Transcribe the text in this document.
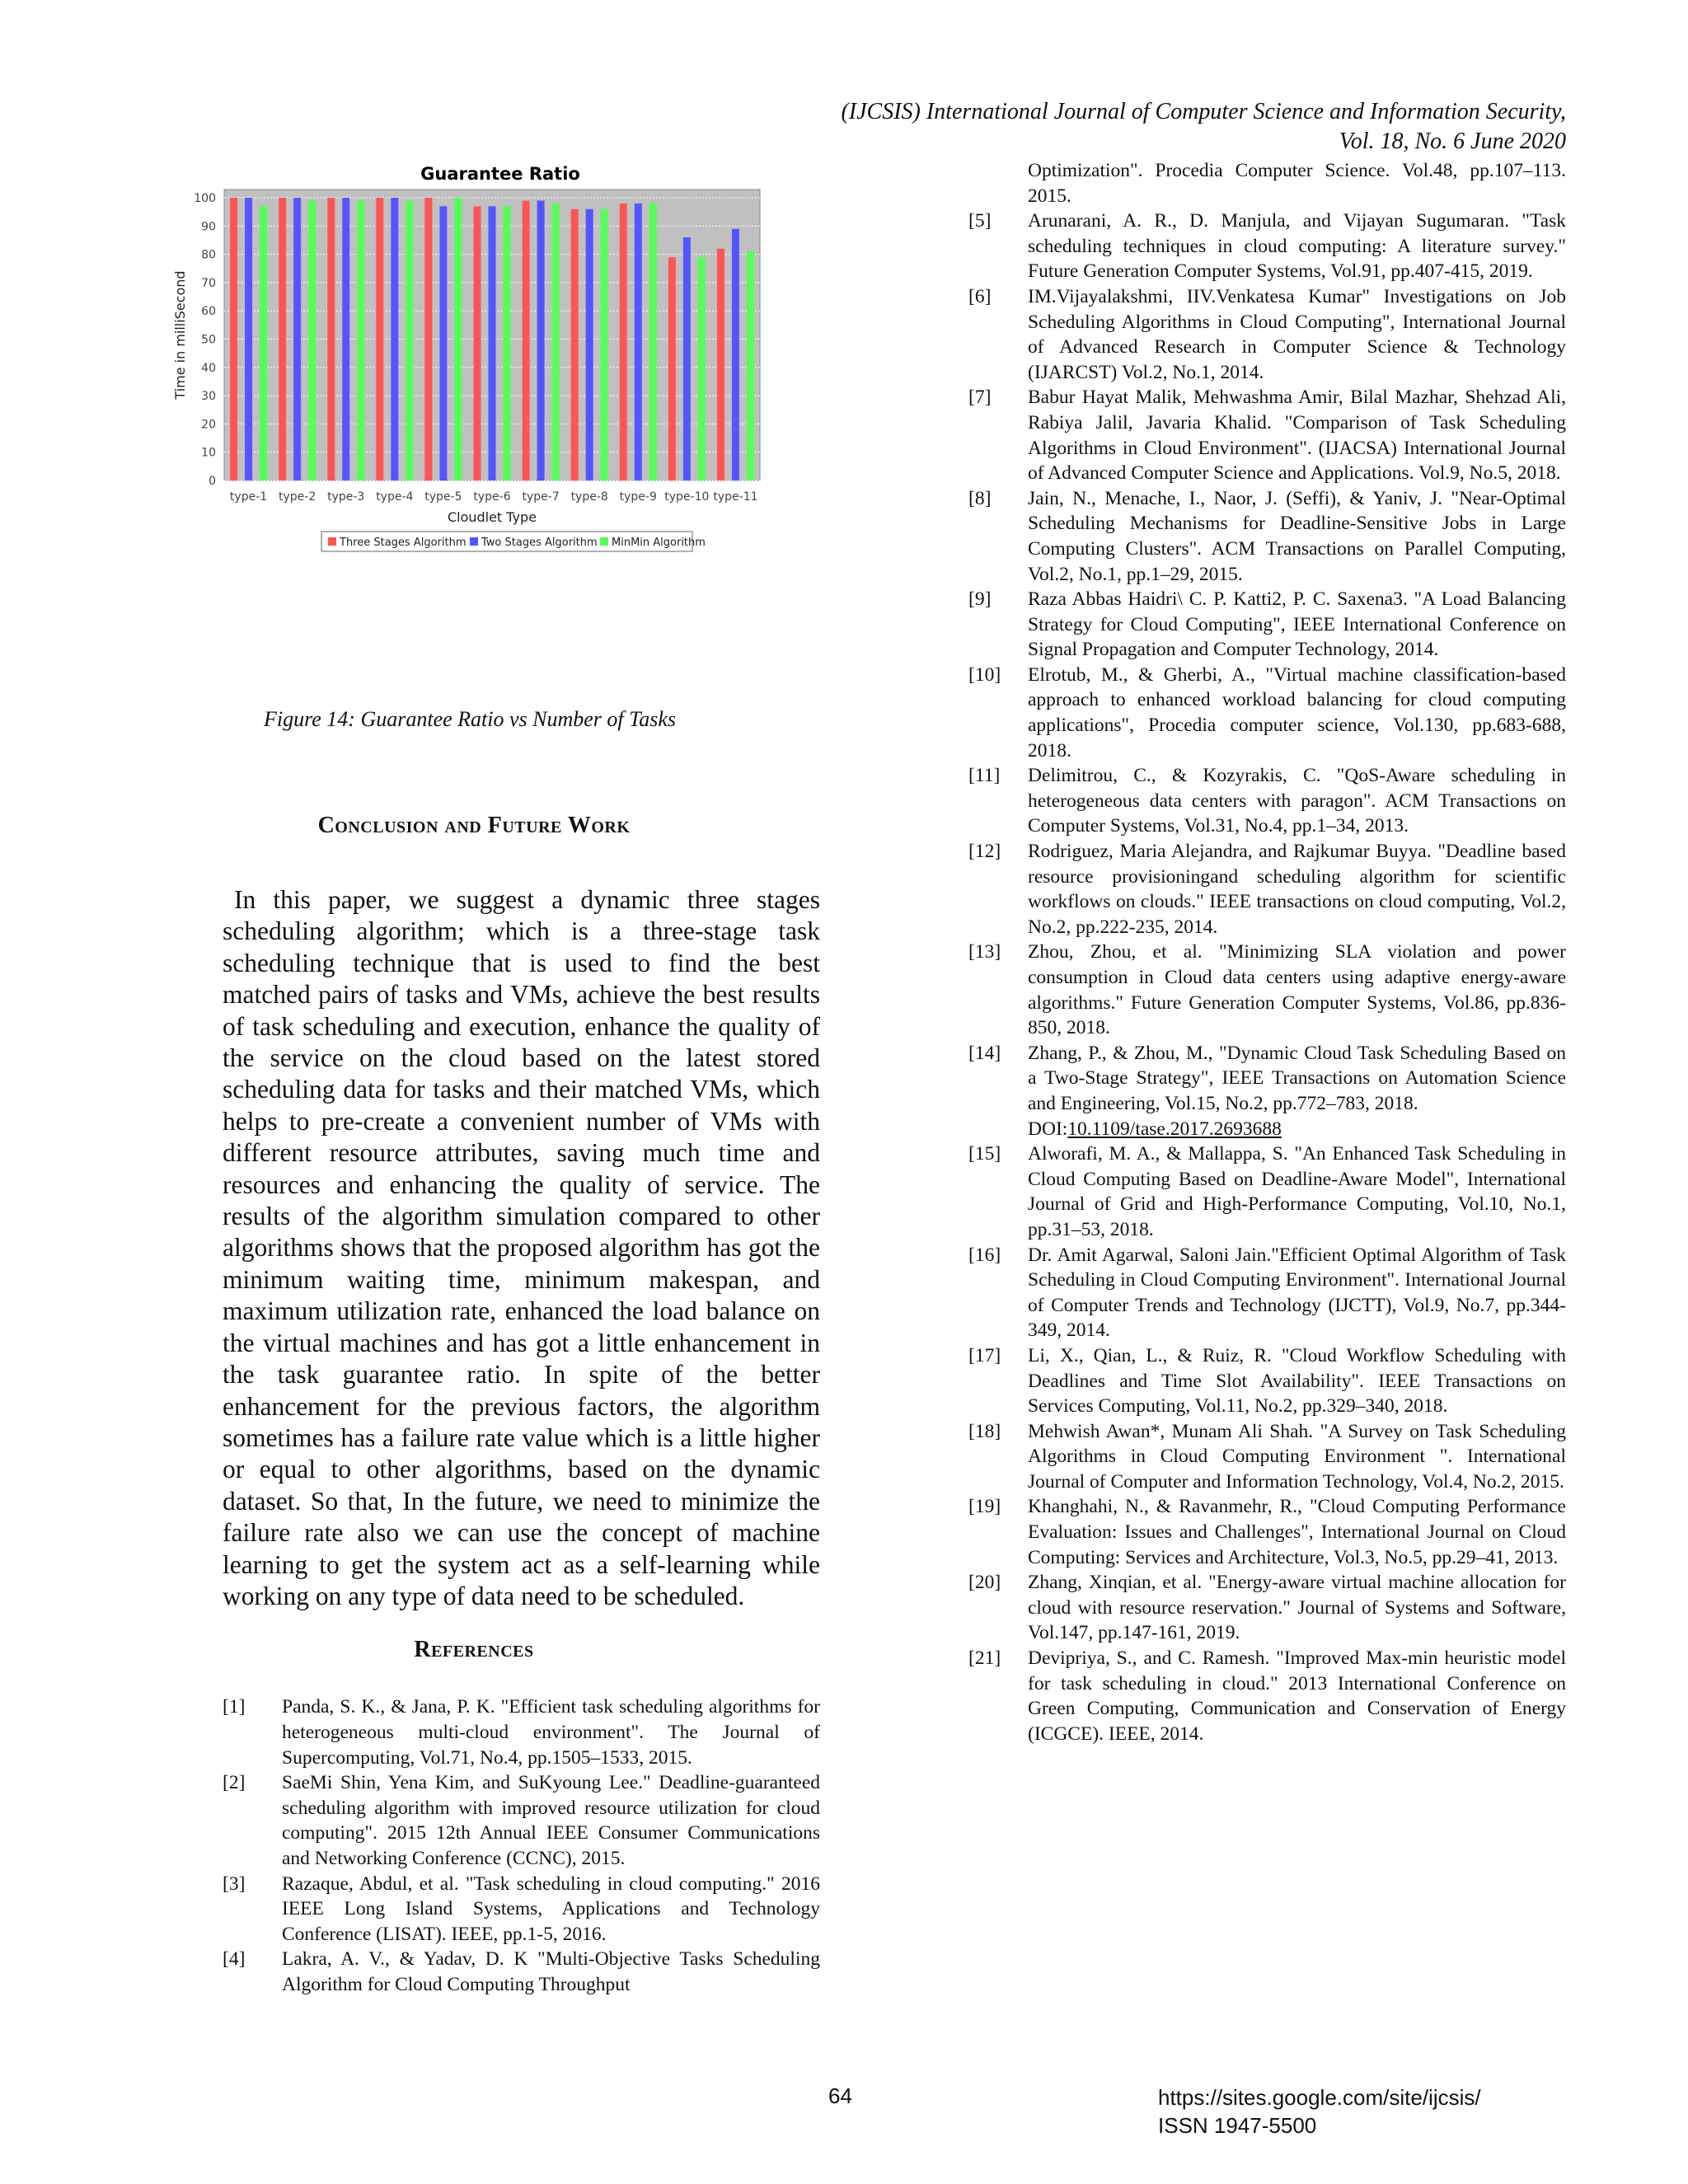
(IJCSIS) International Journal of Computer Science and Information Security,
Vol. 18, No. 6 June 2020
Guarantee Ratio
0
10
20
30
40
50
60
70
80
90
100
type-1 type-2 type-3 type-4 type-5 type-6 type-7 type-8 type-9 type-10 type-11
Cloudlet Type
Time in milliSecond
Three Stages Algorithm Two Stages Algorithm MinMin Algorithm
Figure 14: Guarantee Ratio vs Number of Tasks
Conclusion and Future Work
In this paper, we suggest a dynamic three stages scheduling algorithm; which is a three-stage task scheduling technique that is used to find the best matched pairs of tasks and VMs, achieve the best results of task scheduling and execution, enhance the quality of the service on the cloud based on the latest stored scheduling data for tasks and their matched VMs, which helps to pre-create a convenient number of VMs with different resource attributes, saving much time and resources and enhancing the quality of service. The results of the algorithm simulation compared to other algorithms shows that the proposed algorithm has got the minimum waiting time, minimum makespan, and maximum utilization rate, enhanced the load balance on the virtual machines and has got a little enhancement in the task guarantee ratio. In spite of the better enhancement for the previous factors, the algorithm sometimes has a failure rate value which is a little higher or equal to other algorithms, based on the dynamic dataset. So that, In the future, we need to minimize the failure rate also we can use the concept of machine learning to get the system act as a self-learning while working on any type of data need to be scheduled.
References
[1]	Panda, S. K., & Jana, P. K. "Efficient task scheduling algorithms for heterogeneous multi-cloud environment". The Journal of Supercomputing, Vol.71, No.4, pp.1505–1533, 2015.
[2]	SaeMi Shin, Yena Kim, and SuKyoung Lee." Deadline-guaranteed scheduling algorithm with improved resource utilization for cloud computing". 2015 12th Annual IEEE Consumer Communications and Networking Conference (CCNC), 2015.
[3]	Razaque, Abdul, et al. "Task scheduling in cloud computing." 2016 IEEE Long Island Systems, Applications and Technology Conference (LISAT). IEEE, pp.1-5, 2016.
[4]	Lakra, A. V., & Yadav, D. K "Multi-Objective Tasks Scheduling Algorithm for Cloud Computing Throughput
Optimization". Procedia Computer Science. Vol.48, pp.107–113. 2015.
[5]	Arunarani, A. R., D. Manjula, and Vijayan Sugumaran. "Task scheduling techniques in cloud computing: A literature survey." Future Generation Computer Systems, Vol.91, pp.407-415, 2019.
[6]	IM.Vijayalakshmi, IIV.Venkatesa Kumar" Investigations on Job Scheduling Algorithms in Cloud Computing", International Journal of Advanced Research in Computer Science & Technology (IJARCST) Vol.2, No.1, 2014.
[7]	Babur Hayat Malik, Mehwashma Amir, Bilal Mazhar, Shehzad Ali, Rabiya Jalil, Javaria Khalid. "Comparison of Task Scheduling Algorithms in Cloud Environment". (IJACSA) International Journal of Advanced Computer Science and Applications. Vol.9, No.5, 2018.
[8]	Jain, N., Menache, I., Naor, J. (Seffi), & Yaniv, J. "Near-Optimal Scheduling Mechanisms for Deadline-Sensitive Jobs in Large Computing Clusters". ACM Transactions on Parallel Computing, Vol.2, No.1, pp.1–29, 2015.
[9]	Raza Abbas Haidri\ C. P. Katti2, P. C. Saxena3. "A Load Balancing Strategy for Cloud Computing", IEEE International Conference on Signal Propagation and Computer Technology, 2014.
[10]	Elrotub, M., & Gherbi, A., "Virtual machine classification-based approach to enhanced workload balancing for cloud computing applications", Procedia computer science, Vol.130, pp.683-688, 2018.
[11]	Delimitrou, C., & Kozyrakis, C. "QoS-Aware scheduling in heterogeneous data centers with paragon". ACM Transactions on Computer Systems, Vol.31, No.4, pp.1–34, 2013.
[12]	Rodriguez, Maria Alejandra, and Rajkumar Buyya. "Deadline based resource provisioningand scheduling algorithm for scientific workflows on clouds." IEEE transactions on cloud computing, Vol.2, No.2, pp.222-235, 2014.
[13]	Zhou, Zhou, et al. "Minimizing SLA violation and power consumption in Cloud data centers using adaptive energy-aware algorithms." Future Generation Computer Systems, Vol.86, pp.836-850, 2018.
[14]	Zhang, P., & Zhou, M., "Dynamic Cloud Task Scheduling Based on a Two-Stage Strategy", IEEE Transactions on Automation Science and Engineering, Vol.15, No.2, pp.772–783, 2018.
DOI:10.1109/tase.2017.2693688
[15]	Alworafi, M. A., & Mallappa, S. "An Enhanced Task Scheduling in Cloud Computing Based on Deadline-Aware Model", International Journal of Grid and High-Performance Computing, Vol.10, No.1, pp.31–53, 2018.
[16]	Dr. Amit Agarwal, Saloni Jain."Efficient Optimal Algorithm of Task Scheduling in Cloud Computing Environment". International Journal of Computer Trends and Technology (IJCTT), Vol.9, No.7, pp.344-349, 2014.
[17]	Li, X., Qian, L., & Ruiz, R. "Cloud Workflow Scheduling with Deadlines and Time Slot Availability". IEEE Transactions on Services Computing, Vol.11, No.2, pp.329–340, 2018.
[18]	Mehwish Awan*, Munam Ali Shah. "A Survey on Task Scheduling Algorithms in Cloud Computing Environment ". International Journal of Computer and Information Technology, Vol.4, No.2, 2015.
[19]	Khanghahi, N., & Ravanmehr, R., "Cloud Computing Performance Evaluation: Issues and Challenges", International Journal on Cloud Computing: Services and Architecture, Vol.3, No.5, pp.29–41, 2013.
[20]	Zhang, Xinqian, et al. "Energy-aware virtual machine allocation for cloud with resource reservation." Journal of Systems and Software, Vol.147, pp.147-161, 2019.
[21]	Devipriya, S., and C. Ramesh. "Improved Max-min heuristic model for task scheduling in cloud." 2013 International Conference on Green Computing, Communication and Conservation of Energy (ICGCE). IEEE, 2014.
64	https://sites.google.com/site/ijcsis/
ISSN 1947-5500
